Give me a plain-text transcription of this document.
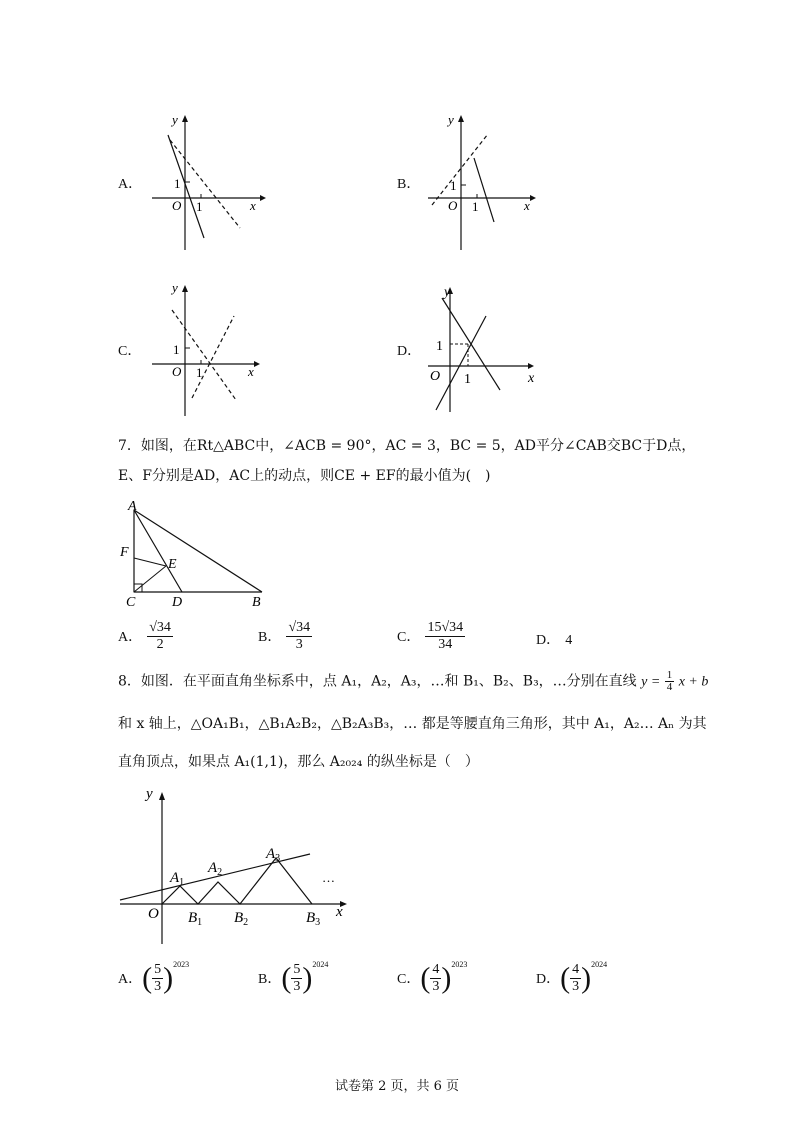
A．
x
y
O
1
1
B．
x
y
O
1
1
C．
x
y
O
1
1
D．
x
y
O
1
1
7．如图，在Rt△ABC中，∠ACB = 90°，AC = 3，BC = 5，AD平分∠CAB交BC于D点，
E、F分别是AD，AC上的动点，则CE + EF的最小值为(　)
A
B
C	D
E
F
A． $\frac{√34}{2}$	B． $\frac{√34}{3}$	C． $\frac{15√34}{34}$	D． 4
8．如图．在平面直角坐标系中，点 A₁，A₂，A₃，…和 B₁、B₂、B₃，…分别在直线 $y = \frac{1}{4}$ x + b
和 x 轴上，△OA₁B₁，△B₁A₂B₂，△B₂A₃B₃，… 都是等腰直角三角形，其中 A₁，A₂… Aₙ 为其
直角顶点，如果点 A₁(1,1)，那么 A₂₀₂₄ 的纵坐标是（　）
y
x
O
$A_1$
$A_2$
$A_3$
$B_1$ $B_2$	$B_3$
…
A．( $\frac{5}{3} )^{2023}$
B．( $\frac{5}{3} )^{2024}$
C．( $\frac{4}{3} )^{2023}$
D．( $\frac{4}{3} )^{2024}$
试卷第 2 页，共 6 页
